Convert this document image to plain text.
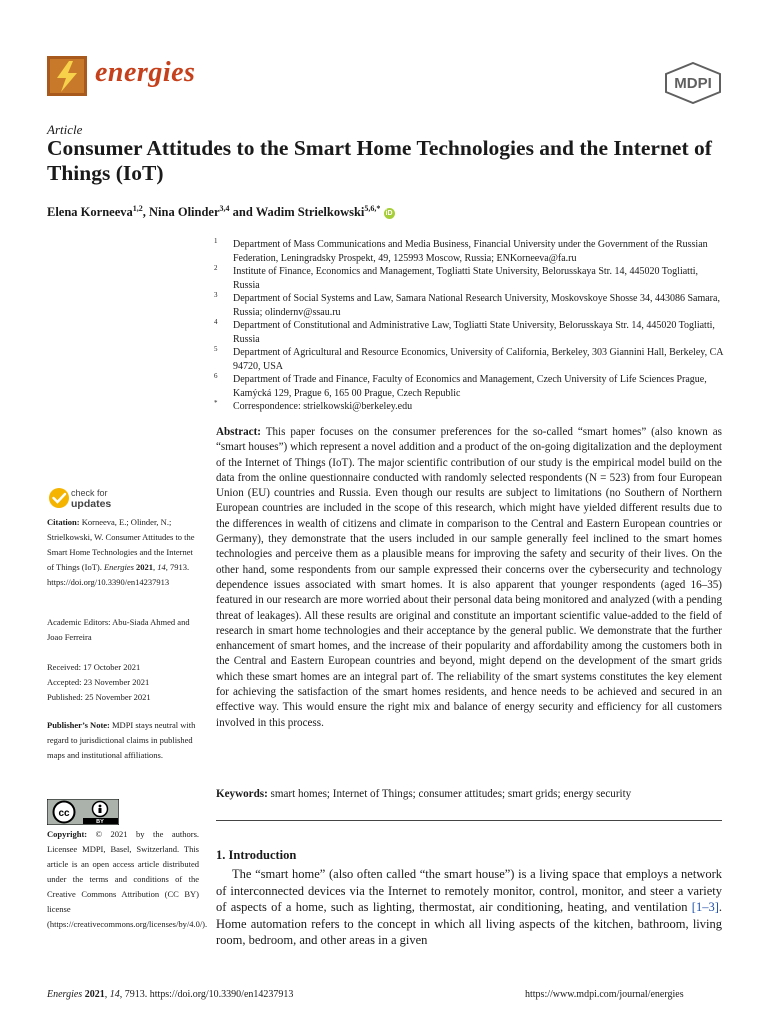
energies	MDPI
Article
Consumer Attitudes to the Smart Home Technologies and the Internet of Things (IoT)
Elena Korneeva$^{1,2}$, Nina Olinder$^{3,4}$ and Wadim Strielkowski$^{5,6,*}$ iD
1 Department of Mass Communications and Media Business, Financial University under the Government of the Russian Federation, Leningradsky Prospekt, 49, 125993 Moscow, Russia; ENKorneeva@fa.ru
2 Institute of Finance, Economics and Management, Togliatti State University, Belorusskaya Str. 14, 445020 Togliatti, Russia
3 Department of Social Systems and Law, Samara National Research University, Moskovskoye Shosse 34, 443086 Samara, Russia; olindernv@ssau.ru
4 Department of Constitutional and Administrative Law, Togliatti State University, Belorusskaya Str. 14, 445020 Togliatti, Russia
5 Department of Agricultural and Resource Economics, University of California, Berkeley, 303 Giannini Hall, Berkeley, CA 94720, USA
6 Department of Trade and Finance, Faculty of Economics and Management, Czech University of Life Sciences Prague, Kamýcká 129, Prague 6, 165 00 Prague, Czech Republic
* Correspondence: strielkowski@berkeley.edu
Abstract: This paper focuses on the consumer preferences for the so-called “smart homes” (also known as “smart houses”) which represent a novel addition and a product of the on-going digitalization and the deployment of the Internet of Things (IoT). The major scientific contribution of our study is the empirical model build on the data from the online questionnaire conducted with randomly selected respondents (N = 523) from four European Union (EU) countries and Russia. Even though our results are subject to limitations (no Southern of Northern European countries are included in the scope of this research, which might have yielded different results due to the differences in wealth of citizens and climate in comparison to the Central and Eastern European countries or Germany), they demonstrate that the users included in our sample generally feel inclined to the smart homes technologies and perceive them as a plausible means for improving the safety and security of their lives. On the other hand, some respondents from our sample expressed their concerns over the cybersecurity and technology dependence issues associated with smart homes. It is also apparent that younger respondents (aged 16–35) featured in our research are more worried about their personal data being monitored and analyzed (with a pending threat of leakages). All these results are original and constitute an important scientific value-added to the field of research in smart home technologies and their acceptance by the general public. We demonstrate that the further enhancement of smart homes, and the increase of their popularity and affordability among the customers both in the Central and Eastern European countries and beyond, might depend on the development of the smart grids which these smart homes are an integral part of. The reliability of the smart systems constitutes the key element for achieving the satisfaction of the smart homes residents, and hence needs to be achieved and secured in an effective way. This would ensure the right mix and balance of energy security and efficiency for all customers involved in this process.
Keywords: smart homes; Internet of Things; consumer attitudes; smart grids; energy security
1. Introduction
The “smart home” (also often called “the smart house”) is a living space that employs a network of interconnected devices via the Internet to remotely monitor, control, monitor, and steer a variety of aspects of a home, such as lighting, thermostat, air conditioning, heating, and ventilation [1–3]. Home automation refers to the concept in which all living aspects of the kitchen, bathroom, living room, bedroom, and other areas in a given
check for
updates
Citation: Korneeva, E.; Olinder, N.; Strielkowski, W. Consumer Attitudes to the Smart Home Technologies and the Internet of Things (IoT). Energies 2021, 14, 7913. https://doi.org/10.3390/en14237913
Academic Editors: Abu-Siada Ahmed and Joao Ferreira
Received: 17 October 2021
Accepted: 23 November 2021
Published: 25 November 2021
Publisher’s Note: MDPI stays neutral with regard to jurisdictional claims in published maps and institutional affiliations.
cc
BY
Copyright: © 2021 by the authors. Licensee MDPI, Basel, Switzerland. This article is an open access article distributed under the terms and conditions of the Creative Commons Attribution (CC BY) license (https://creativecommons.org/licenses/by/4.0/).
Energies 2021, 14, 7913. https://doi.org/10.3390/en14237913	https://www.mdpi.com/journal/energies
